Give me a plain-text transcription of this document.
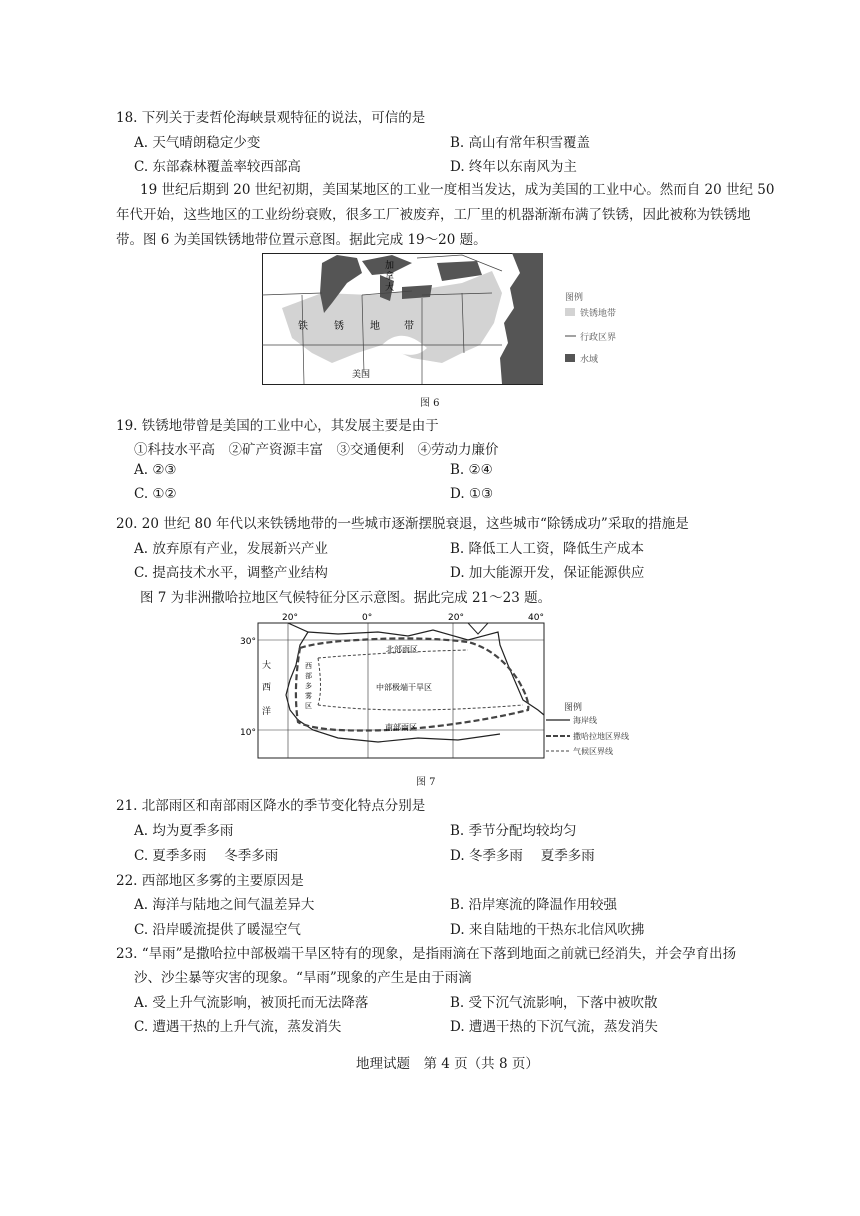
18. 下列关于麦哲伦海峡景观特征的说法，可信的是
A. 天气晴朗稳定少变	B. 高山有常年积雪覆盖
C. 东部森林覆盖率较西部高	D. 终年以东南风为主
19 世纪后期到 20 世纪初期，美国某地区的工业一度相当发达，成为美国的工业中心。然而自 20 世纪 50 年代开始，这些地区的工业纷纷衰败，很多工厂被废弃，工厂里的机器渐渐布满了铁锈，因此被称为铁锈地带。图 6 为美国铁锈地带位置示意图。据此完成 19～20 题。
加
拿
大
铁	锈	地 带
美国
图例
铁锈地带
行政区界
水域
图 6
19. 铁锈地带曾是美国的工业中心，其发展主要是由于
①科技水平高　②矿产资源丰富　③交通便利　④劳动力廉价
A. ②③	B. ②④
C. ①②	D. ①③
20. 20 世纪 80 年代以来铁锈地带的一些城市逐渐摆脱衰退，这些城市“除锈成功”采取的措施是
A. 放弃原有产业，发展新兴产业	B. 降低工人工资，降低生产成本
C. 提高技术水平，调整产业结构	D. 加大能源开发，保证能源供应
图 7 为非洲撒哈拉地区气候特征分区示意图。据此完成 21～23 题。
20°	0°	20°	40°
30°
10°
大
西
洋
北部雨区
中部极端干旱区
西
部
多
雾
区
南部雨区
图例
海岸线
撒哈拉地区界线
气候区界线
图 7
21. 北部雨区和南部雨区降水的季节变化特点分别是
A. 均为夏季多雨	B. 季节分配均较均匀
C. 夏季多雨　 冬季多雨	D. 冬季多雨　 夏季多雨
22. 西部地区多雾的主要原因是
A. 海洋与陆地之间气温差异大	B. 沿岸寒流的降温作用较强
C. 沿岸暖流提供了暖湿空气	D. 来自陆地的干热东北信风吹拂
23. “旱雨”是撒哈拉中部极端干旱区特有的现象，是指雨滴在下落到地面之前就已经消失，并会孕育出扬
沙、沙尘暴等灾害的现象。“旱雨”现象的产生是由于雨滴
A. 受上升气流影响，被顶托而无法降落	B. 受下沉气流影响，下落中被吹散
C. 遭遇干热的上升气流，蒸发消失	D. 遭遇干热的下沉气流，蒸发消失
地理试题　第 4 页（共 8 页）
